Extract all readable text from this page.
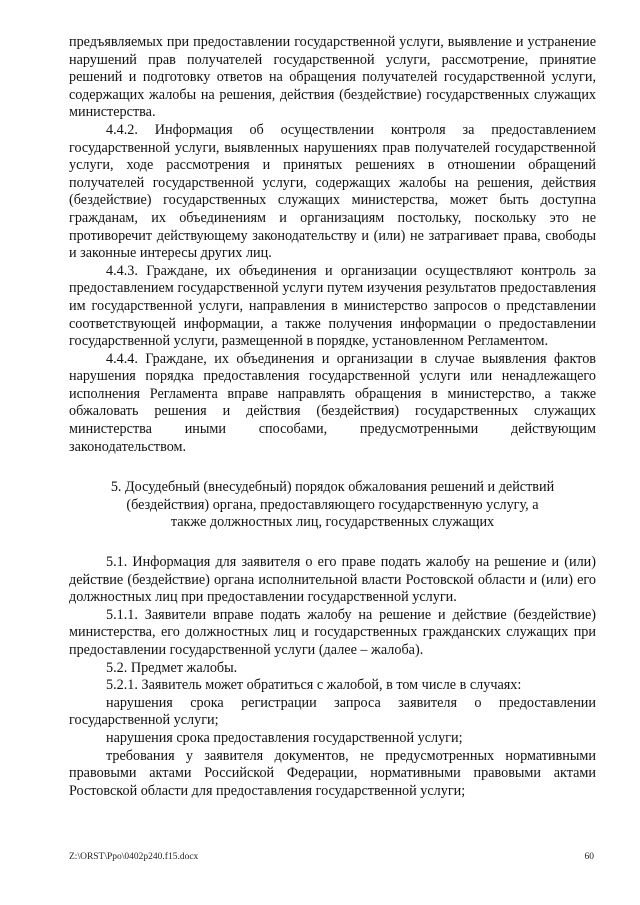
предъявляемых при предоставлении государственной услуги, выявление и устранение нарушений прав получателей государственной услуги, рассмотрение, принятие решений и подготовку ответов на обращения получателей государственной услуги, содержащих жалобы на решения, действия (бездействие) государственных служащих министерства.

4.4.2. Информация об осуществлении контроля за предоставлением государственной услуги, выявленных нарушениях прав получателей государственной услуги, ходе рассмотрения и принятых решениях в отношении обращений получателей государственной услуги, содержащих жалобы на решения, действия (бездействие) государственных служащих министерства, может быть доступна гражданам, их объединениям и организациям постольку, поскольку это не противоречит действующему законодательству и (или) не затрагивает права, свободы и законные интересы других лиц.

4.4.3. Граждане, их объединения и организации осуществляют контроль за предоставлением государственной услуги путем изучения результатов предоставления им государственной услуги, направления в министерство запросов о представлении соответствующей информации, а также получения информации о предоставлении государственной услуги, размещенной в порядке, установленном Регламентом.

4.4.4. Граждане, их объединения и организации в случае выявления фактов нарушения порядка предоставления государственной услуги или ненадлежащего исполнения Регламента вправе направлять обращения в министерство, а также обжаловать решения и действия (бездействия) государственных служащих министерства иными способами, предусмотренными действующим законодательством.

5. Досудебный (внесудебный) порядок обжалования решений и действий (бездействия) органа, предоставляющего государственную услугу, а также должностных лиц, государственных служащих

5.1. Информация для заявителя о его праве подать жалобу на решение и (или) действие (бездействие) органа исполнительной власти Ростовской области и (или) его должностных лиц при предоставлении государственной услуги.

5.1.1. Заявители вправе подать жалобу на решение и действие (бездействие) министерства, его должностных лиц и государственных гражданских служащих при предоставлении государственной услуги (далее – жалоба).

5.2. Предмет жалобы.

5.2.1. Заявитель может обратиться с жалобой, в том числе в случаях:

нарушения срока регистрации запроса заявителя о предоставлении государственной услуги;

нарушения срока предоставления государственной услуги;

требования у заявителя документов, не предусмотренных нормативными правовыми актами Российской Федерации, нормативными правовыми актами Ростовской области для предоставления государственной услуги;

Z:\ORST\Ppo\0402p240.f15.docx	60
